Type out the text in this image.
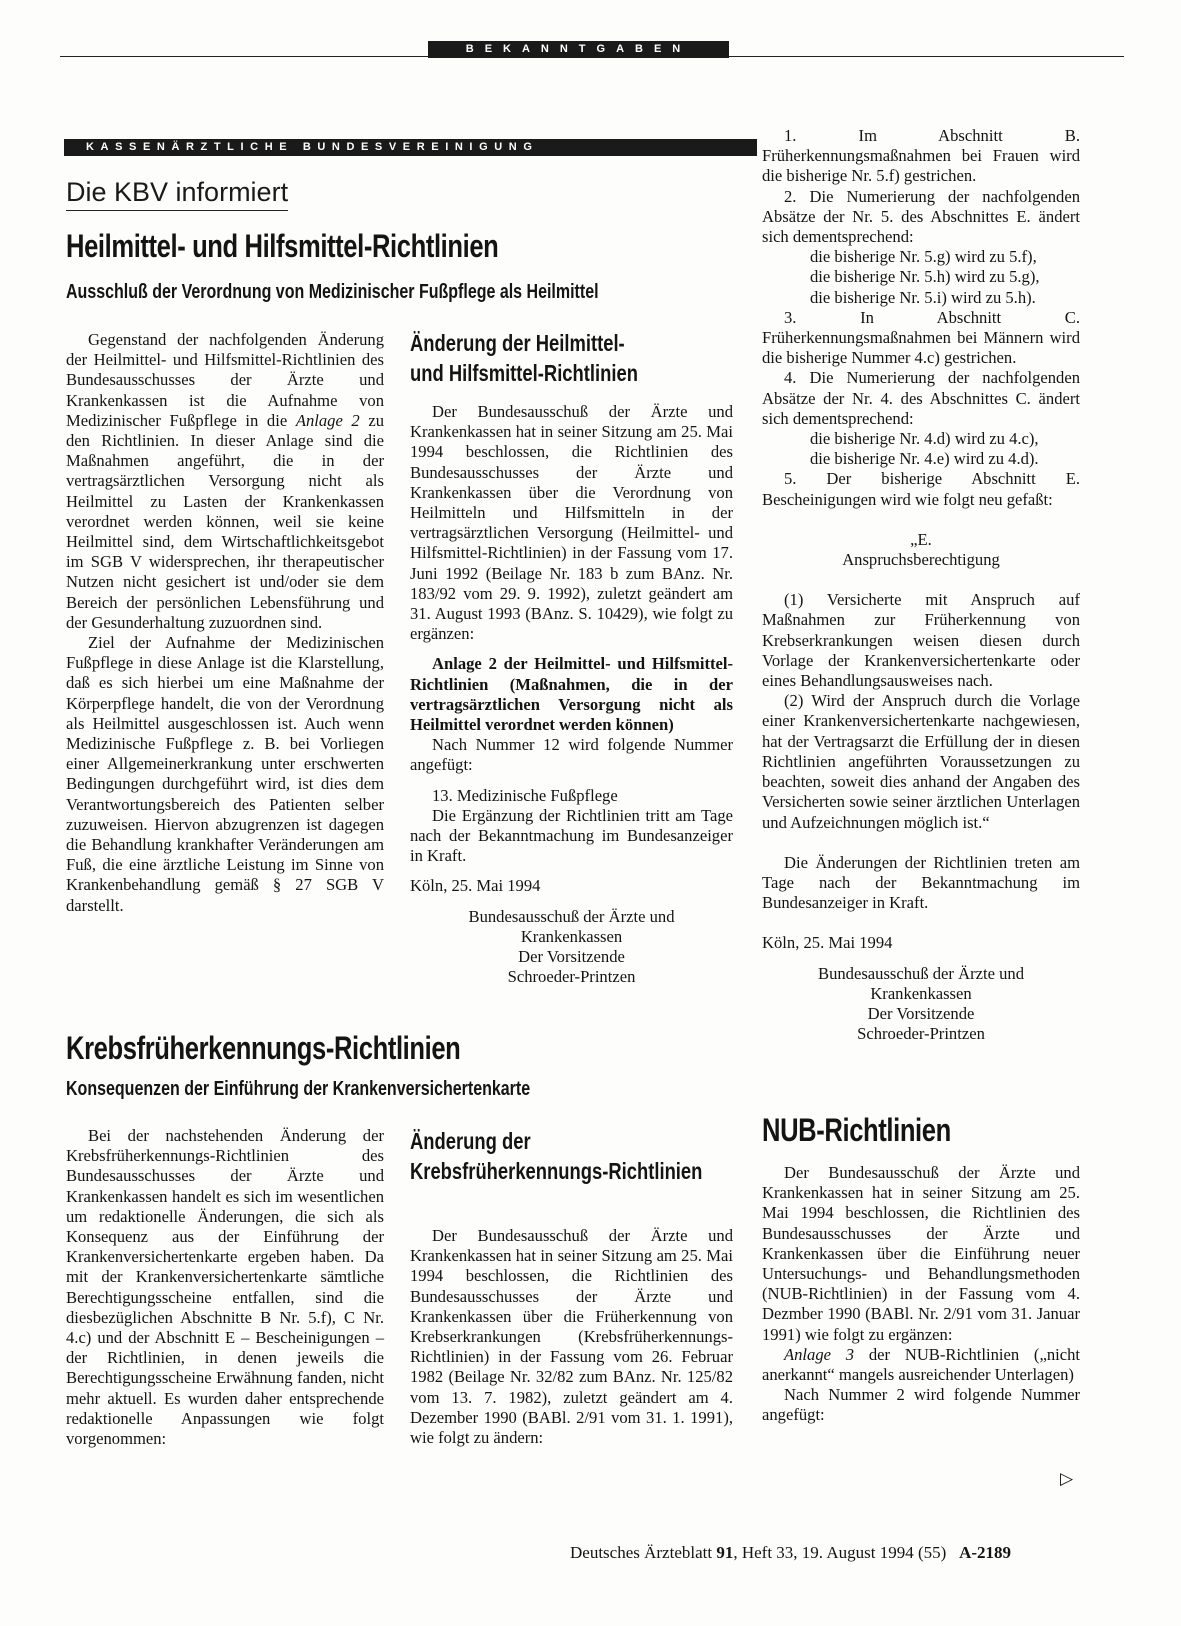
BEKANNTGABEN
KASSENÄRZTLICHE BUNDESVEREINIGUNG
Die KBV informiert
Heilmittel- und Hilfsmittel-Richtlinien
Ausschluß der Verordnung von Medizinischer Fußpflege als Heilmittel

Gegenstand der nachfolgenden Änderung der Heilmittel- und Hilfsmittel-Richtlinien des Bundesausschusses der Ärzte und Krankenkassen ist die Aufnahme von Medizinischer Fußpflege in die Anlage 2 zu den Richtlinien. In dieser Anlage sind die Maßnahmen angeführt, die in der vertragsärztlichen Versorgung nicht als Heilmittel zu Lasten der Krankenkassen verordnet werden können, weil sie keine Heilmittel sind, dem Wirtschaftlichkeitsgebot im SGB V widersprechen, ihr therapeutischer Nutzen nicht gesichert ist und/oder sie dem Bereich der persönlichen Lebensführung und der Gesunderhaltung zuzuordnen sind.

Ziel der Aufnahme der Medizinischen Fußpflege in diese Anlage ist die Klarstellung, daß es sich hierbei um eine Maßnahme der Körperpflege handelt, die von der Verordnung als Heilmittel ausgeschlossen ist. Auch wenn Medizinische Fußpflege z. B. bei Vorliegen einer Allgemeinerkrankung unter erschwerten Bedingungen durchgeführt wird, ist dies dem Verantwortungsbereich des Patienten selber zuzuweisen. Hiervon abzugrenzen ist dagegen die Behandlung krankhafter Veränderungen am Fuß, die eine ärztliche Leistung im Sinne von Krankenbehandlung gemäß § 27 SGB V darstellt.

Änderung der Heilmittel-
und Hilfsmittel-Richtlinien

Der Bundesausschuß der Ärzte und Krankenkassen hat in seiner Sitzung am 25. Mai 1994 beschlossen, die Richtlinien des Bundesausschusses der Ärzte und Krankenkassen über die Verordnung von Heilmitteln und Hilfsmitteln in der vertragsärztlichen Versorgung (Heilmittel- und Hilfsmittel-Richtlinien) in der Fassung vom 17. Juni 1992 (Beilage Nr. 183 b zum BAnz. Nr. 183/92 vom 29. 9. 1992), zuletzt geändert am 31. August 1993 (BAnz. S. 10429), wie folgt zu ergänzen:

Anlage 2 der Heilmittel- und Hilfsmittel-Richtlinien (Maßnahmen, die in der vertragsärztlichen Versorgung nicht als Heilmittel verordnet werden können)

Nach Nummer 12 wird folgende Nummer angefügt:

13. Medizinische Fußpflege

Die Ergänzung der Richtlinien tritt am Tage nach der Bekanntmachung im Bundesanzeiger in Kraft.

Köln, 25. Mai 1994

Bundesausschuß der Ärzte und

Krankenkassen

Der Vorsitzende

Schroeder-Printzen

Krebsfrüherkennungs-Richtlinien
Konsequenzen der Einführung der Krankenversichertenkarte

Bei der nachstehenden Änderung der Krebsfrüherkennungs-Richtlinien des Bundesausschusses der Ärzte und Krankenkassen handelt es sich im wesentlichen um redaktionelle Änderungen, die sich als Konsequenz aus der Einführung der Krankenversichertenkarte ergeben haben. Da mit der Krankenversichertenkarte sämtliche Berechtigungsscheine entfallen, sind die diesbezüglichen Abschnitte B Nr. 5.f), C Nr. 4.c) und der Abschnitt E – Bescheinigungen – der Richtlinien, in denen jeweils die Berechtigungsscheine Erwähnung fanden, nicht mehr aktuell. Es wurden daher entsprechende redaktionelle Anpassungen wie folgt vorgenommen:

Änderung der
Krebsfrüherkennungs-Richtlinien

Der Bundesausschuß der Ärzte und Krankenkassen hat in seiner Sitzung am 25. Mai 1994 beschlossen, die Richtlinien des Bundesausschusses der Ärzte und Krankenkassen über die Früherkennung von Krebserkrankungen (Krebsfrüherkennungs-Richtlinien) in der Fassung vom 26. Februar 1982 (Beilage Nr. 32/82 zum BAnz. Nr. 125/82 vom 13. 7. 1982), zuletzt geändert am 4. Dezember 1990 (BABl. 2/91 vom 31. 1. 1991), wie folgt zu ändern:

1. Im Abschnitt B. Früherkennungsmaßnahmen bei Frauen wird die bisherige Nr. 5.f) gestrichen.

2. Die Numerierung der nachfolgenden Absätze der Nr. 5. des Abschnittes E. ändert sich dementsprechend:

die bisherige Nr. 5.g) wird zu 5.f),

die bisherige Nr. 5.h) wird zu 5.g),

die bisherige Nr. 5.i) wird zu 5.h).

3. In Abschnitt C. Früherkennungsmaßnahmen bei Männern wird die bisherige Nummer 4.c) gestrichen.

4. Die Numerierung der nachfolgenden Absätze der Nr. 4. des Abschnittes C. ändert sich dementsprechend:

die bisherige Nr. 4.d) wird zu 4.c),

die bisherige Nr. 4.e) wird zu 4.d).

5. Der bisherige Abschnitt E. Bescheinigungen wird wie folgt neu gefaßt:

„E.

Anspruchsberechtigung

(1) Versicherte mit Anspruch auf Maßnahmen zur Früherkennung von Krebserkrankungen weisen diesen durch Vorlage der Krankenversichertenkarte oder eines Behandlungsausweises nach.

(2) Wird der Anspruch durch die Vorlage einer Krankenversichertenkarte nachgewiesen, hat der Vertragsarzt die Erfüllung der in diesen Richtlinien angeführten Voraussetzungen zu beachten, soweit dies anhand der Angaben des Versicherten sowie seiner ärztlichen Unterlagen und Aufzeichnungen möglich ist.“

Die Änderungen der Richtlinien treten am Tage nach der Bekanntmachung im Bundesanzeiger in Kraft.

Köln, 25. Mai 1994

Bundesausschuß der Ärzte und

Krankenkassen

Der Vorsitzende

Schroeder-Printzen

NUB-Richtlinien

Der Bundesausschuß der Ärzte und Krankenkassen hat in seiner Sitzung am 25. Mai 1994 beschlossen, die Richtlinien des Bundesausschusses der Ärzte und Krankenkassen über die Einführung neuer Untersuchungs- und Behandlungsmethoden (NUB-Richtlinien) in der Fassung vom 4. Dezmber 1990 (BABl. Nr. 2/91 vom 31. Januar 1991) wie folgt zu ergänzen:

Anlage 3 der NUB-Richtlinien („nicht anerkannt“ mangels ausreichender Unterlagen)

Nach Nummer 2 wird folgende Nummer angefügt:

▷
Deutsches Ärzteblatt 91, Heft 33, 19. August 1994 (55) A-2189
